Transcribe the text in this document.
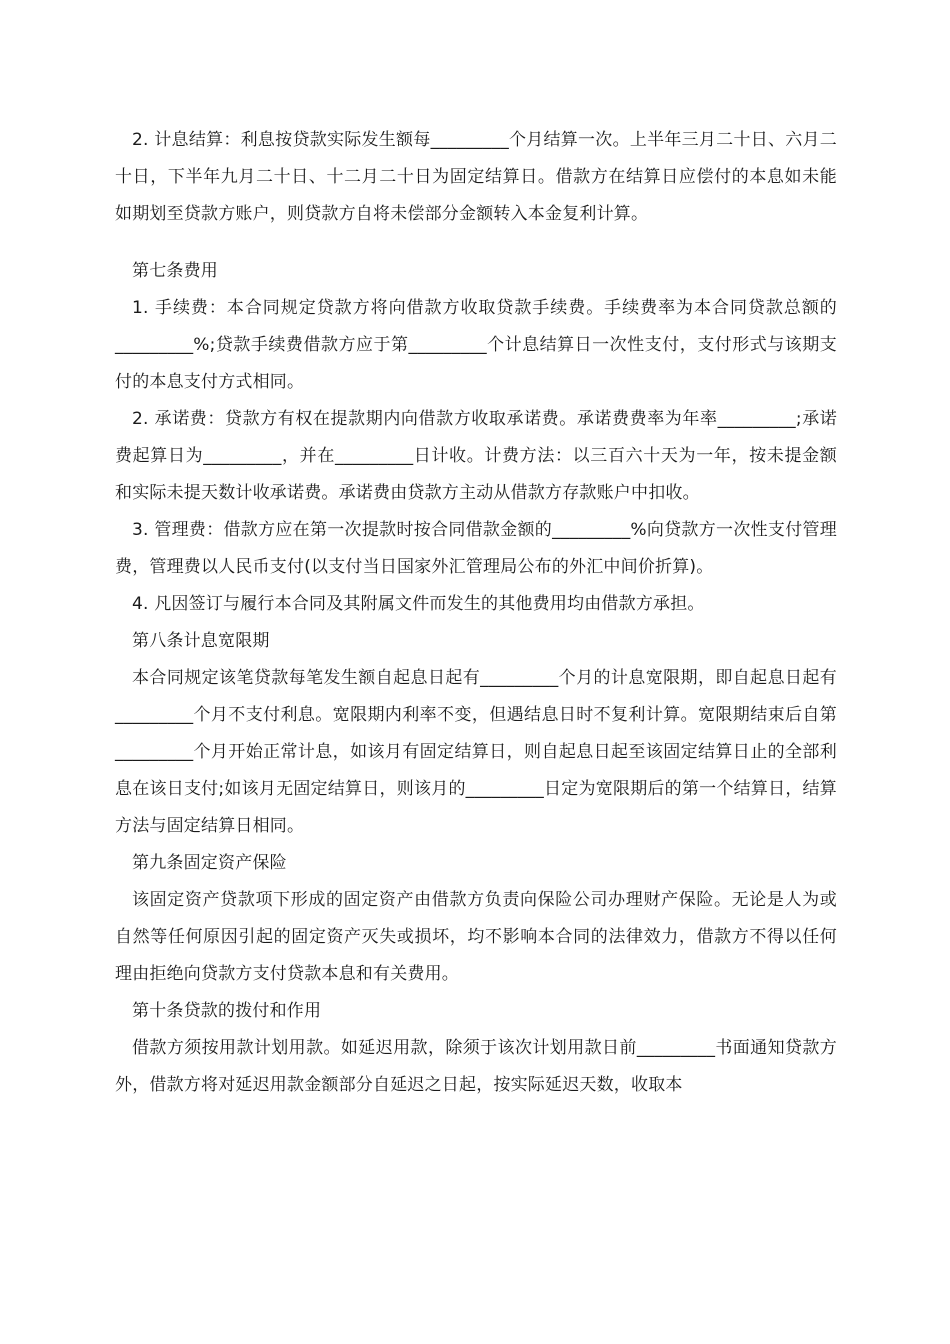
2. 计息结算：利息按贷款实际发生额每_________个月结算一次。上半年三月二十日、六月二十日，下半年九月二十日、十二月二十日为固定结算日。借款方在结算日应偿付的本息如未能如期划至贷款方账户，则贷款方自将未偿部分金额转入本金复利计算。

第七条费用

1. 手续费：本合同规定贷款方将向借款方收取贷款手续费。手续费率为本合同贷款总额的_________%;贷款手续费借款方应于第_________个计息结算日一次性支付，支付形式与该期支付的本息支付方式相同。

2. 承诺费：贷款方有权在提款期内向借款方收取承诺费。承诺费费率为年率_________;承诺费起算日为_________，并在_________日计收。计费方法：以三百六十天为一年，按未提金额和实际未提天数计收承诺费。承诺费由贷款方主动从借款方存款账户中扣收。

3. 管理费：借款方应在第一次提款时按合同借款金额的_________%向贷款方一次性支付管理费，管理费以人民币支付(以支付当日国家外汇管理局公布的外汇中间价折算)。

4. 凡因签订与履行本合同及其附属文件而发生的其他费用均由借款方承担。

第八条计息宽限期

本合同规定该笔贷款每笔发生额自起息日起有_________个月的计息宽限期，即自起息日起有_________个月不支付利息。宽限期内利率不变，但遇结息日时不复利计算。宽限期结束后自第_________个月开始正常计息，如该月有固定结算日，则自起息日起至该固定结算日止的全部利息在该日支付;如该月无固定结算日，则该月的_________日定为宽限期后的第一个结算日，结算方法与固定结算日相同。

第九条固定资产保险

该固定资产贷款项下形成的固定资产由借款方负责向保险公司办理财产保险。无论是人为或自然等任何原因引起的固定资产灭失或损坏，均不影响本合同的法律效力，借款方不得以任何理由拒绝向贷款方支付贷款本息和有关费用。

第十条贷款的拨付和作用

借款方须按用款计划用款。如延迟用款，除须于该次计划用款日前_________书面通知贷款方外，借款方将对延迟用款金额部分自延迟之日起，按实际延迟天数，收取本
